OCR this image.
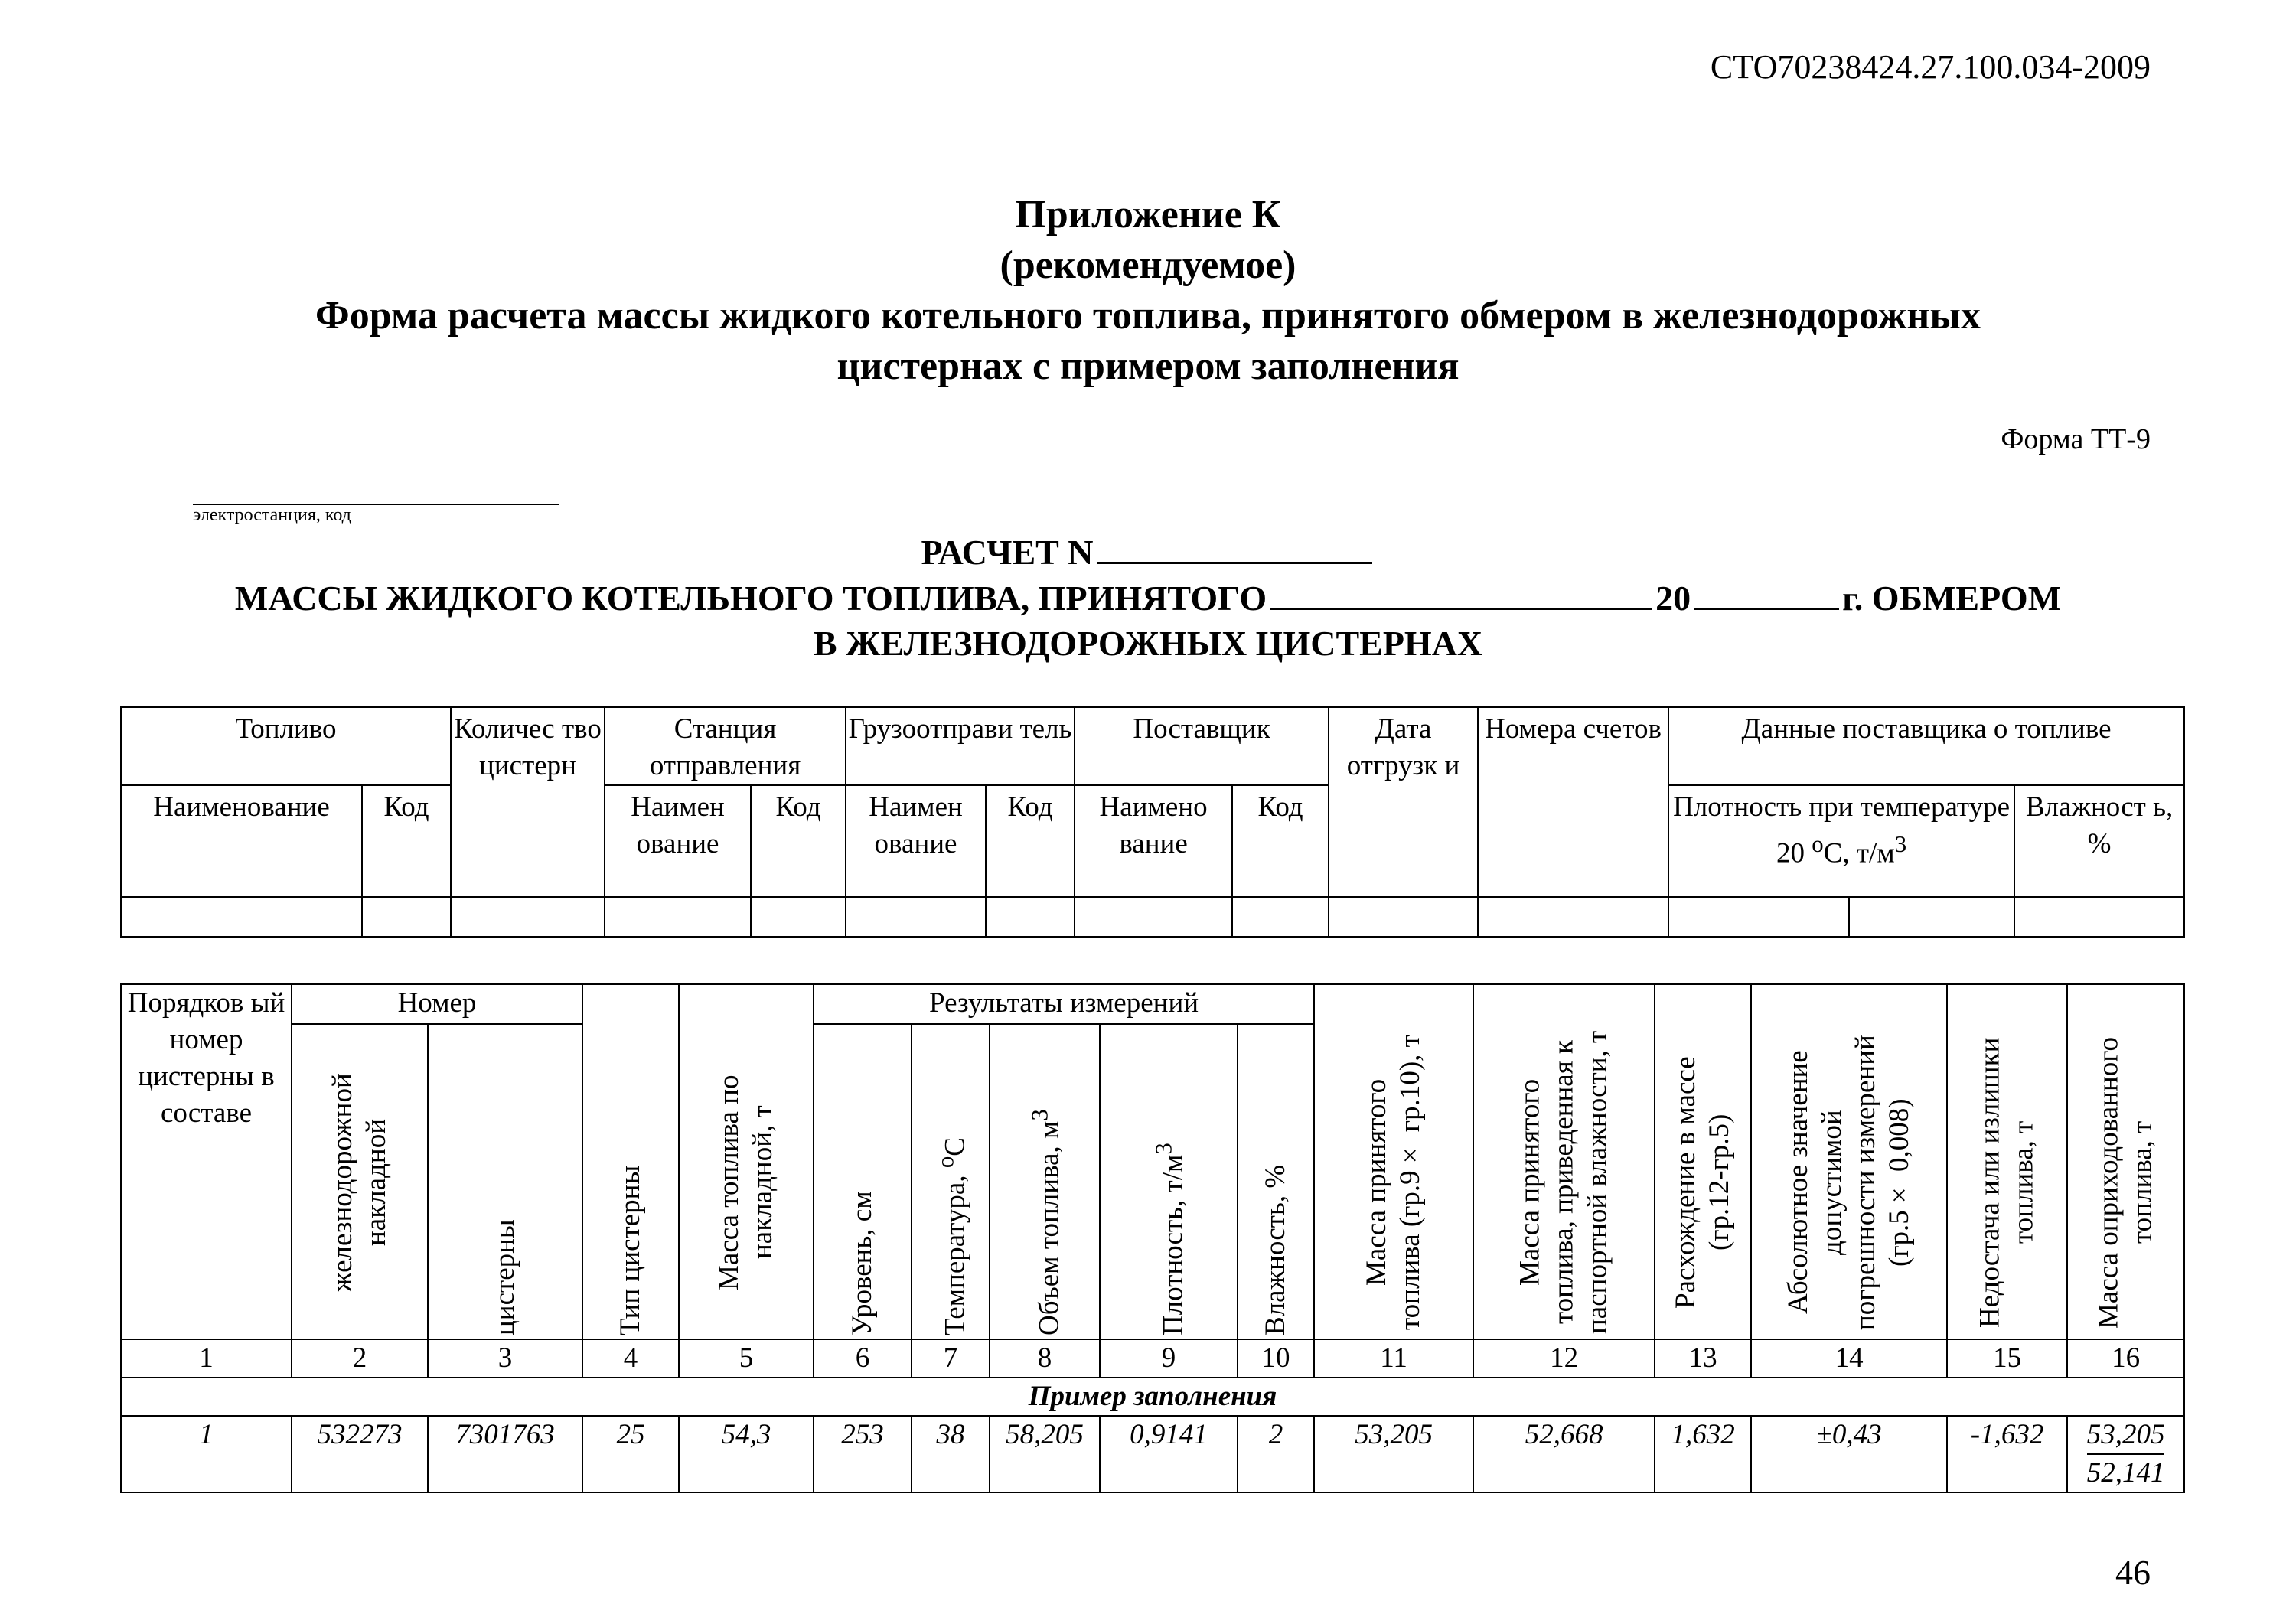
СТО70238424.27.100.034-2009
Приложение К
(рекомендуемое)
Форма расчета массы жидкого котельного топлива, принятого обмером в железнодорожных
цистернах с примером заполнения
Форма ТТ-9
электростанция, код
РАСЧЕТ N
МАССЫ ЖИДКОГО КОТЕЛЬНОГО ТОПЛИВА, ПРИНЯТОГО	20	г. ОБМЕРОМ
В ЖЕЛЕЗНОДОРОЖНЫХ ЦИСТЕРНАХ
Топливо		Количес тво цистерн	Станция отправления		Грузоотправи тель		Поставщик		Дата отгрузк и	Номера счетов	Данные поставщика о топливе		
Наименование	Код		Наимен ование	Код	Наимен ование	Код	Наимено вание	Код			Плотность при температуре 20 $^о$С, $т/м^3$		Влажност ь, %

Порядков ый номер цистерны в составе	Номер		Тип цистерны	Масса топлива по накладной, т	Результаты измерений					Масса принятого топлива (гр.9× гр.10), т	Масса принятого топлива, приведенная к паспортной влажности, т	Расхождение в массе (гр.12-гр.5)	Абсолютное значение допустимой погрешности измерений (гр.5× 0,008)	Недостача или излишки топлива, т	Масса оприходованного топлива, т

железнодорожной накладной	цистерны			Уровень, см	Температура, $^о$С	Объем топлива, $м^3$	Плотность, $т/м^3$	Влажность, %						

1	2	3	4	5	6	7	8	9	10	11	12	13	14	15	16
Пример заполнения															
1	532273	7301763	25	54,3	253	38	58,205	0,9141	2	53,205	52,668	1,632	±0,43	-1,632	53,205
52,141
46
